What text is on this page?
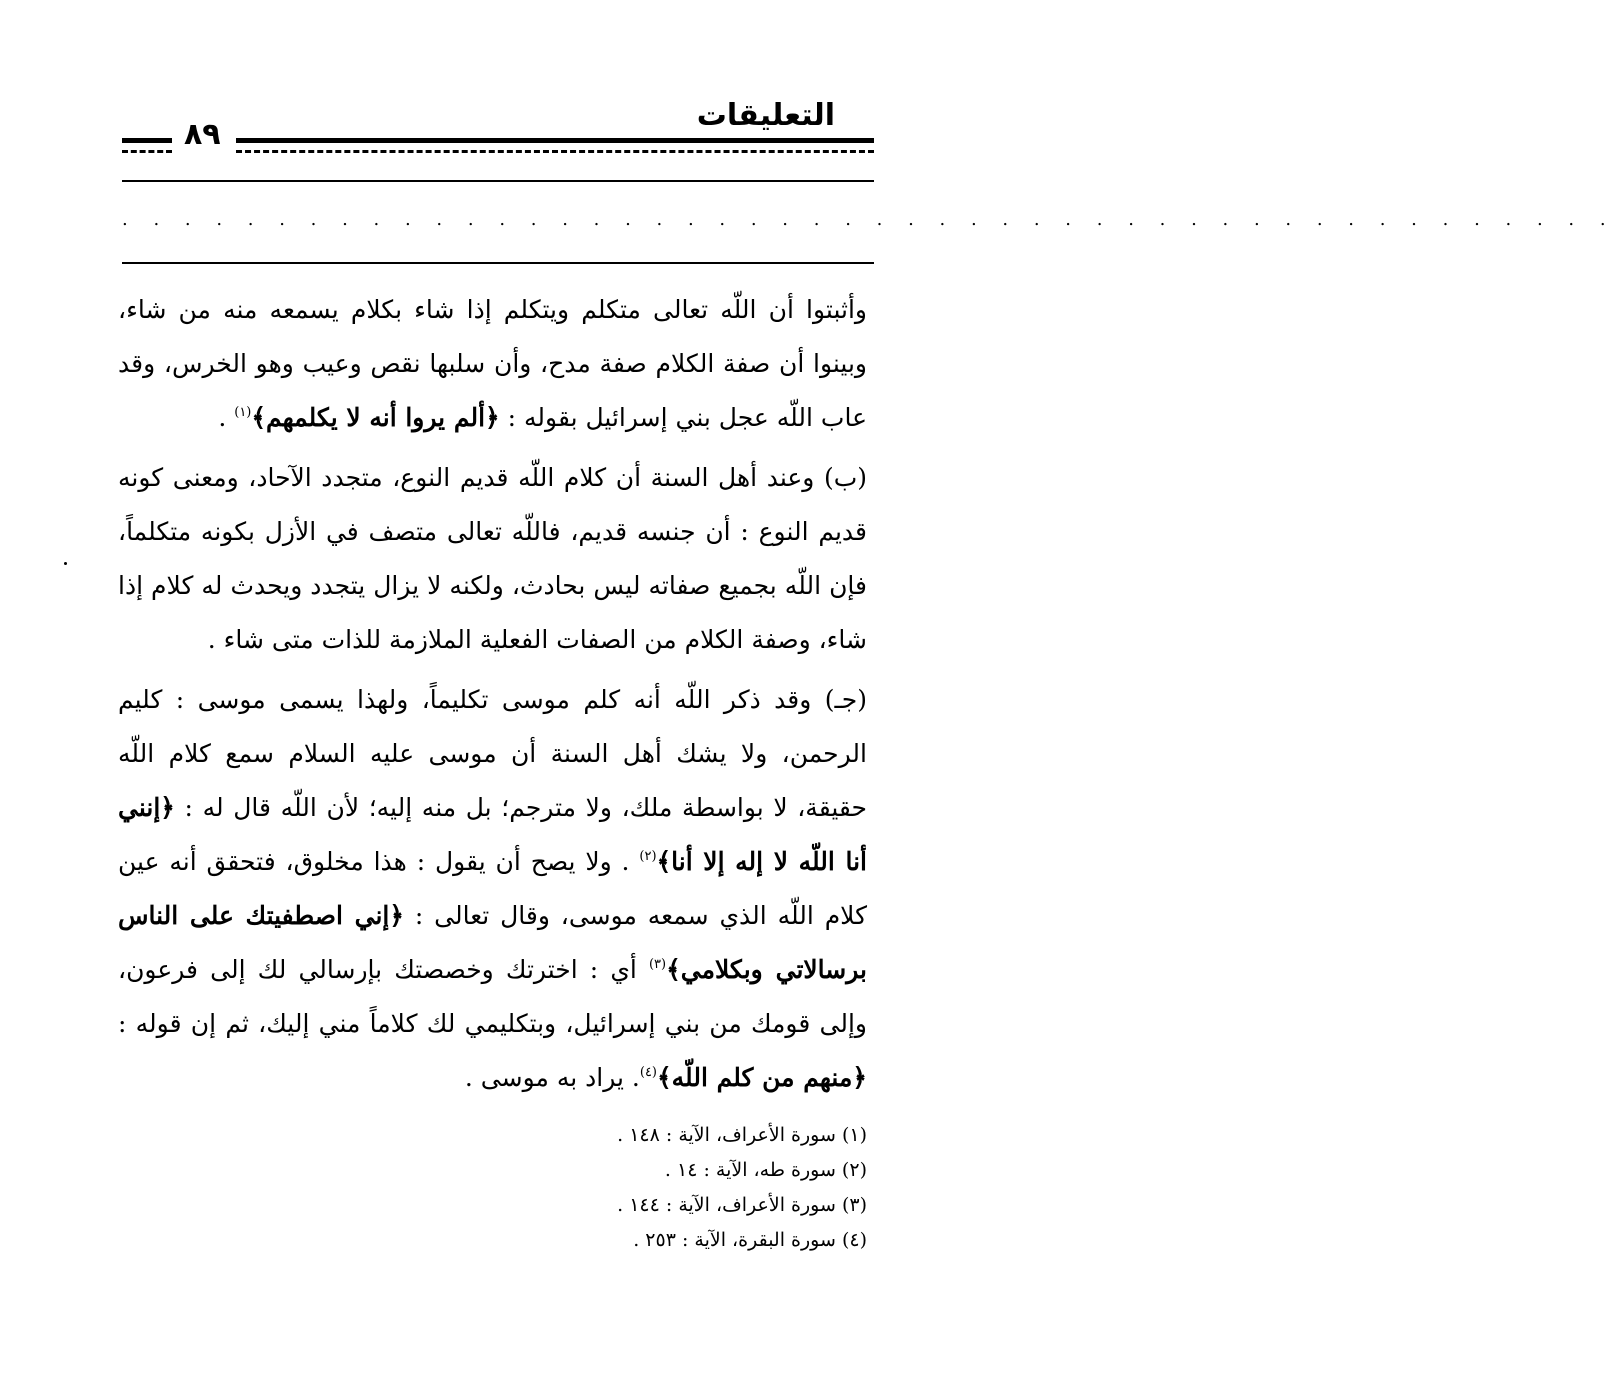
التعليقات
٨٩
. . . . . . . . . . . . . . . . . . . . . . . . . . . . . . . . . . . . . . . . . . . . . . . .

وأثبتوا أن اللّه تعالى متكلم ويتكلم إذا شاء بكلام يسمعه منه من شاء، وبينوا أن صفة الكلام صفة مدح، وأن سلبها نقص وعيب وهو الخرس، وقد عاب اللّه عجل بني إسرائيل بقوله : ﴿ألم يروا أنه لا يكلمهم﴾$^{(١)}$ .

(ب) وعند أهل السنة أن كلام اللّه قديم النوع، متجدد الآحاد، ومعنى كونه قديم النوع : أن جنسه قديم، فاللّه تعالى متصف في الأزل بكونه متكلماً، فإن اللّه بجميع صفاته ليس بحادث، ولكنه لا يزال يتجدد ويحدث له كلام إذا شاء، وصفة الكلام من الصفات الفعلية الملازمة للذات متى شاء .

(جـ) وقد ذكر اللّه أنه كلم موسى تكليماً، ولهذا يسمى موسى : كليم الرحمن، ولا يشك أهل السنة أن موسى عليه السلام سمع كلام اللّه حقيقة، لا بواسطة ملك، ولا مترجم؛ بل منه إليه؛ لأن اللّه قال له : ﴿إنني أنا اللّه لا إله إلا أنا﴾$^{(٢)}$ . ولا يصح أن يقول : هذا مخلوق، فتحقق أنه عين كلام اللّه الذي سمعه موسى، وقال تعالى : ﴿إني اصطفيتك على الناس برسالاتي وبكلامي﴾$^{(٣)}$ أي : اخترتك وخصصتك بإرسالي لك إلى فرعون، وإلى قومك من بني إسرائيل، وبتكليمي لك كلاماً مني إليك، ثم إن قوله : ﴿منهم من كلم اللّه﴾$^{(٤)}$. يراد به موسى .

(١) سورة الأعراف، الآية : ١٤٨ .
(٢) سورة طه، الآية : ١٤ .
(٣) سورة الأعراف، الآية : ١٤٤ .
(٤) سورة البقرة، الآية : ٢٥٣ .
